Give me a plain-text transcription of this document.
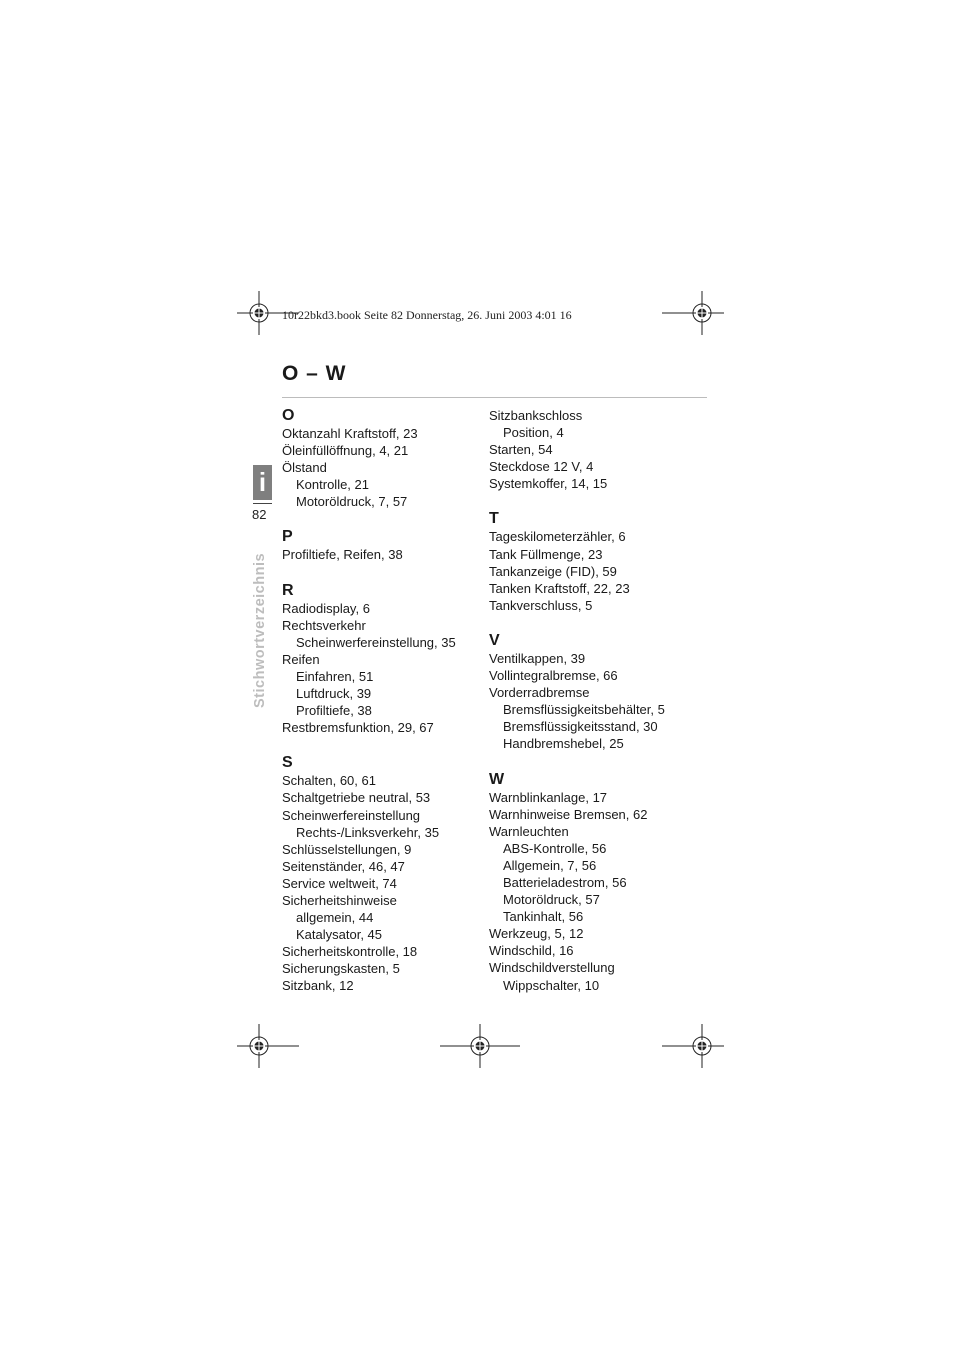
10r22bkd3.book Seite 82 Donnerstag, 26. Juni 2003 4:01 16
O – W
i
82
Stichwortverzeichnis
O
Oktanzahl Kraftstoff, 23
Öleinfüllöffnung, 4, 21
Ölstand
Kontrolle, 21
Motoröldruck, 7, 57
P
Profiltiefe, Reifen, 38
R
Radiodisplay, 6
Rechtsverkehr
Scheinwerfereinstellung, 35
Reifen
Einfahren, 51
Luftdruck, 39
Profiltiefe, 38
Restbremsfunktion, 29, 67
S
Schalten, 60, 61
Schaltgetriebe neutral, 53
Scheinwerfereinstellung
Rechts-/Linksverkehr, 35
Schlüsselstellungen, 9
Seitenständer, 46, 47
Service weltweit, 74
Sicherheitshinweise
allgemein, 44
Katalysator, 45
Sicherheitskontrolle, 18
Sicherungskasten, 5
Sitzbank, 12
Sitzbankschloss
Position, 4
Starten, 54
Steckdose 12 V, 4
Systemkoffer, 14, 15
T
Tageskilometerzähler, 6
Tank Füllmenge, 23
Tankanzeige (FID), 59
Tanken Kraftstoff, 22, 23
Tankverschluss, 5
V
Ventilkappen, 39
Vollintegralbremse, 66
Vorderradbremse
Bremsflüssigkeitsbehälter, 5
Bremsflüssigkeitsstand, 30
Handbremshebel, 25
W
Warnblinkanlage, 17
Warnhinweise Bremsen, 62
Warnleuchten
ABS-Kontrolle, 56
Allgemein, 7, 56
Batterieladestrom, 56
Motoröldruck, 57
Tankinhalt, 56
Werkzeug, 5, 12
Windschild, 16
Windschildverstellung
Wippschalter, 10
